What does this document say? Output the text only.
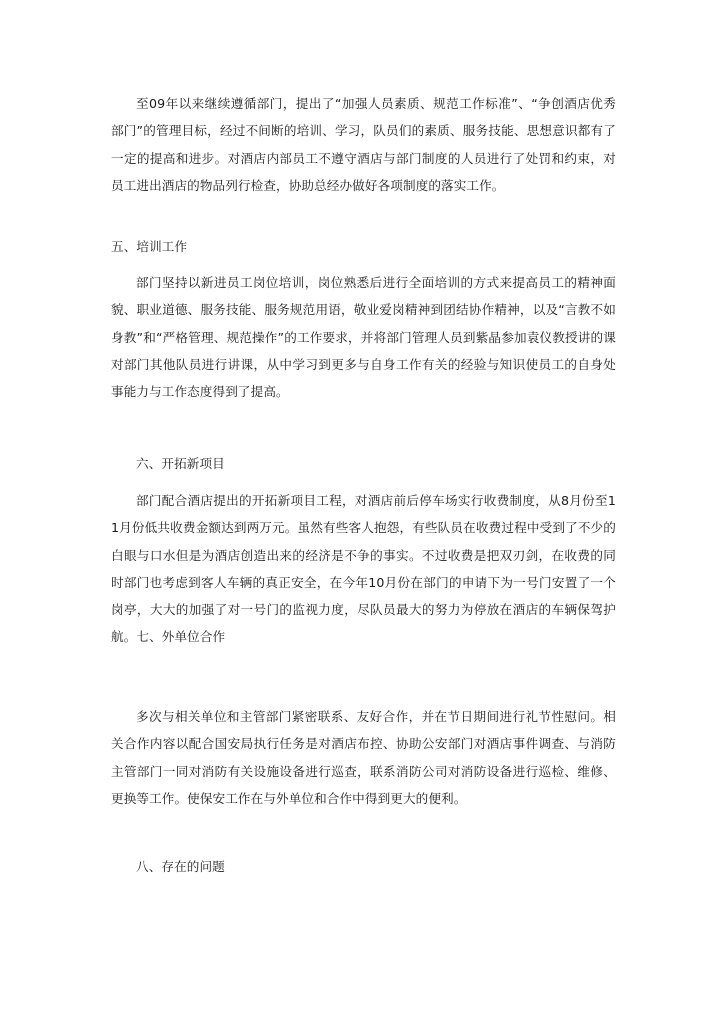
至09年以来继续遵循部门，提出了“加强人员素质、规范工作标准”、“争创酒店优秀部门”的管理目标，经过不间断的培训、学习，队员们的素质、服务技能、思想意识都有了一定的提高和进步。对酒店内部员工不遵守酒店与部门制度的人员进行了处罚和约束，对员工进出酒店的物品列行检查，协助总经办做好各项制度的落实工作。

五、培训工作

部门坚持以新进员工岗位培训，岗位熟悉后进行全面培训的方式来提高员工的精神面貌、职业道德、服务技能、服务规范用语，敬业爱岗精神到团结协作精神，以及“言教不如身教”和“严格管理、规范操作”的工作要求，并将部门管理人员到紫晶参加袁仪教授讲的课对部门其他队员进行讲课，从中学习到更多与自身工作有关的经验与知识使员工的自身处事能力与工作态度得到了提高。

六、开拓新项目

部门配合酒店提出的开拓新项目工程，对酒店前后停车场实行收费制度，从8月份至11月份低共收费金额达到两万元。虽然有些客人抱怨，有些队员在收费过程中受到了不少的白眼与口水但是为酒店创造出来的经济是不争的事实。不过收费是把双刃剑，在收费的同时部门也考虑到客人车辆的真正安全，在今年10月份在部门的申请下为一号门安置了一个岗亭，大大的加强了对一号门的监视力度，尽队员最大的努力为停放在酒店的车辆保驾护航。七、外单位合作

多次与相关单位和主管部门紧密联系、友好合作，并在节日期间进行礼节性慰问。相关合作内容以配合国安局执行任务是对酒店布控、协助公安部门对酒店事件调查、与消防主管部门一同对消防有关设施设备进行巡查，联系消防公司对消防设备进行巡检、维修、更换等工作。使保安工作在与外单位和合作中得到更大的便利。

八、存在的问题
